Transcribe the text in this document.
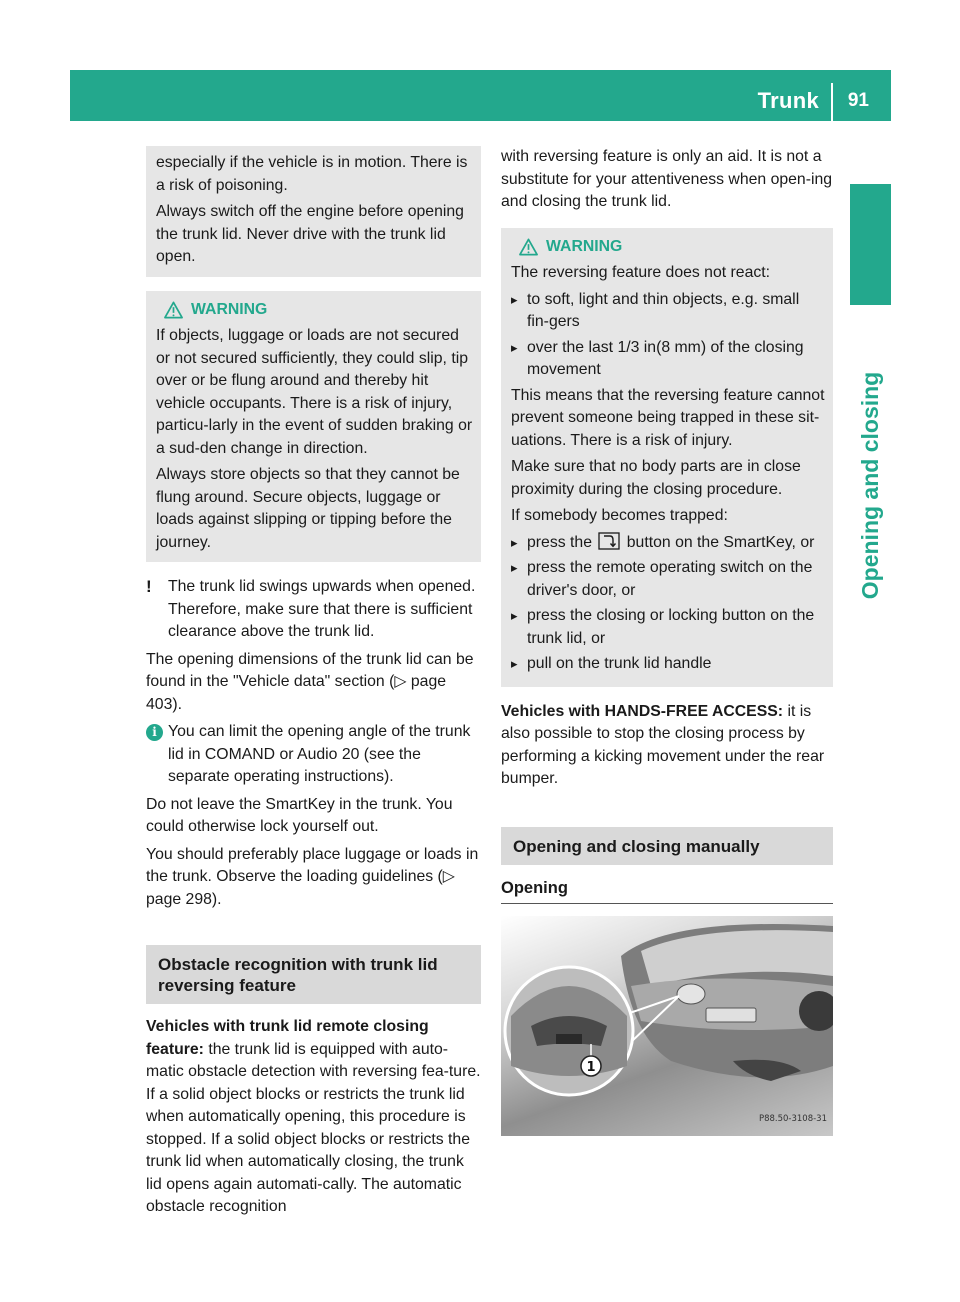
Trunk 91
Opening and closing

especially if the vehicle is in motion. There is a risk of poisoning.

Always switch off the engine before opening the trunk lid. Never drive with the trunk lid open.

WARNING

If objects, luggage or loads are not secured or not secured sufficiently, they could slip, tip over or be flung around and thereby hit vehicle occupants. There is a risk of injury, particu-larly in the event of sudden braking or a sud-den change in direction.

Always store objects so that they cannot be flung around. Secure objects, luggage or loads against slipping or tipping before the journey.

! The trunk lid swings upwards when opened. Therefore, make sure that there is sufficient clearance above the trunk lid.

The opening dimensions of the trunk lid can be found in the "Vehicle data" section (▷ page 403).

i You can limit the opening angle of the trunk lid in COMAND or Audio 20 (see the separate operating instructions).

Do not leave the SmartKey in the trunk. You could otherwise lock yourself out.

You should preferably place luggage or loads in the trunk. Observe the loading guidelines (▷ page 298).

Obstacle recognition with trunk lid reversing feature

Vehicles with trunk lid remote closing feature: the trunk lid is equipped with auto-matic obstacle detection with reversing fea-ture. If a solid object blocks or restricts the trunk lid when automatically opening, this procedure is stopped. If a solid object blocks or restricts the trunk lid when automatically closing, the trunk lid opens again automati-cally. The automatic obstacle recognition

with reversing feature is only an aid. It is not a substitute for your attentiveness when open-ing and closing the trunk lid.

WARNING

The reversing feature does not react:

▸ to soft, light and thin objects, e.g. small fin-gers
▸ over the last 1/3 in(8 mm) of the closing movement

This means that the reversing feature cannot prevent someone being trapped in these sit-uations. There is a risk of injury.

Make sure that no body parts are in close proximity during the closing procedure.

If somebody becomes trapped:

▸ press the  button on the SmartKey, or
▸ press the remote operating switch on the driver's door, or
▸ press the closing or locking button on the trunk lid, or
▸ pull on the trunk lid handle

Vehicles with HANDS-FREE ACCESS: it is also possible to stop the closing process by performing a kicking movement under the rear bumper.

Opening and closing manually
Opening
1
P88.50-3108-31
